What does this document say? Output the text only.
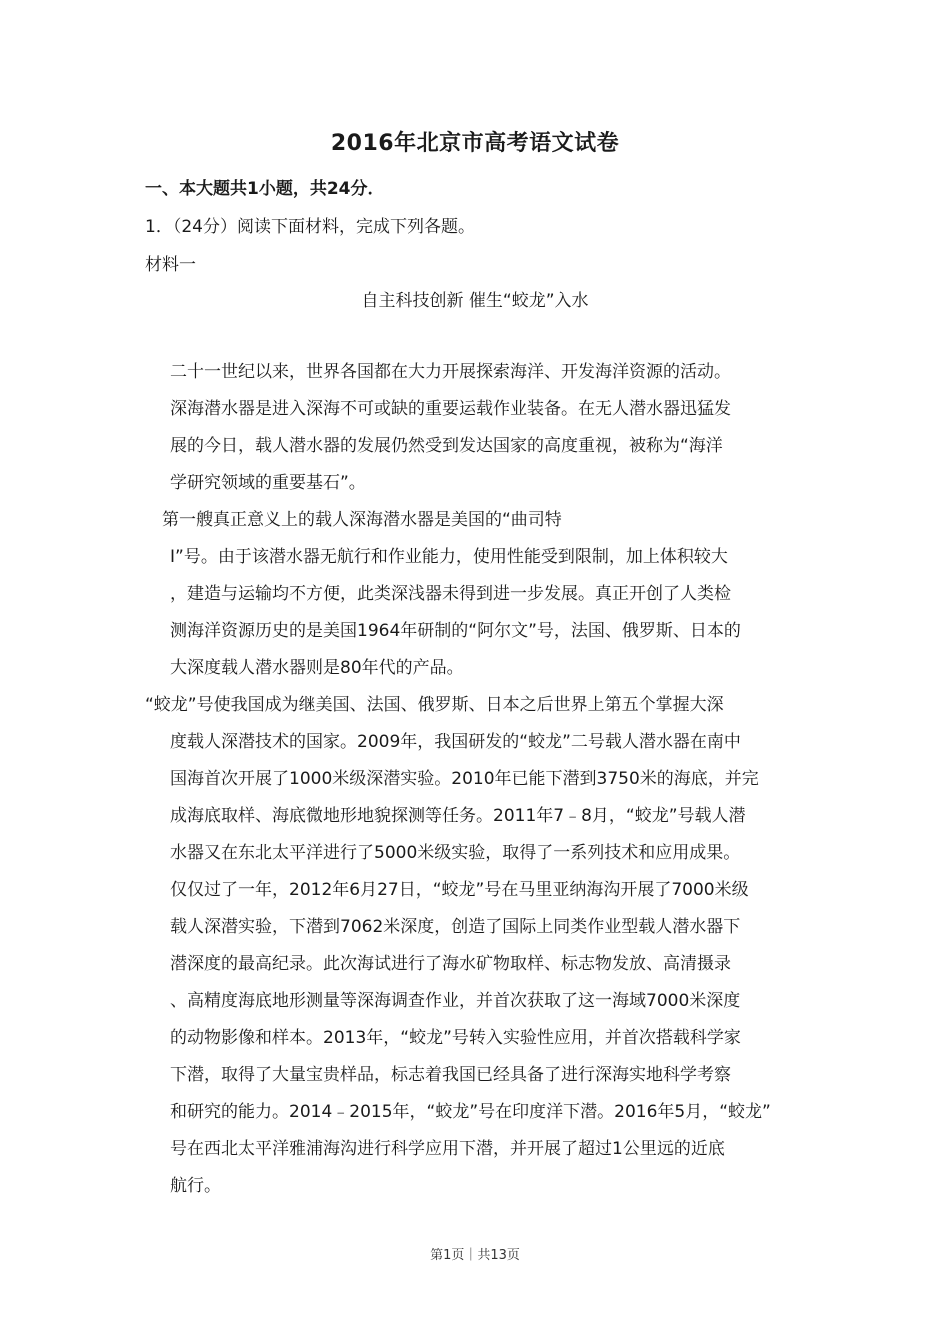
2016年北京市高考语文试卷
一、本大题共1小题，共24分．
1．（24分）阅读下面材料，完成下列各题。
材料一
自主科技创新 催生“蛟龙”入水
二十一世纪以来，世界各国都在大力开展探索海洋、开发海洋资源的活动。
深海潜水器是进入深海不可或缺的重要运载作业装备。在无人潜水器迅猛发
展的今日，载人潜水器的发展仍然受到发达国家的高度重视，被称为“海洋
学研究领域的重要基石”。
第一艘真正意义上的载人深海潜水器是美国的“曲司特
I”号。由于该潜水器无航行和作业能力，使用性能受到限制，加上体积较大
，建造与运输均不方便，此类深浅器未得到进一步发展。真正开创了人类检
测海洋资源历史的是美国1964年研制的“阿尔文”号，法国、俄罗斯、日本的
大深度载人潜水器则是80年代的产品。
“蛟龙”号使我国成为继美国、法国、俄罗斯、日本之后世界上第五个掌握大深
度载人深潜技术的国家。2009年，我国研发的“蛟龙”二号载人潜水器在南中
国海首次开展了1000米级深潜实验。2010年已能下潜到3750米的海底，并完
成海底取样、海底微地形地貌探测等任务。2011年7﹣8月，“蛟龙”号载人潜
水器又在东北太平洋进行了5000米级实验，取得了一系列技术和应用成果。
仅仅过了一年，2012年6月27日，“蛟龙”号在马里亚纳海沟开展了7000米级
载人深潜实验，下潜到7062米深度，创造了国际上同类作业型载人潜水器下
潜深度的最高纪录。此次海试进行了海水矿物取样、标志物发放、高清摄录
、高精度海底地形测量等深海调查作业，并首次获取了这一海域7000米深度
的动物影像和样本。2013年，“蛟龙”号转入实验性应用，并首次搭载科学家
下潜，取得了大量宝贵样品，标志着我国已经具备了进行深海实地科学考察
和研究的能力。2014﹣2015年，“蛟龙”号在印度洋下潜。2016年5月，“蛟龙”
号在西北太平洋雅浦海沟进行科学应用下潜，并开展了超过1公里远的近底
航行。
第1页｜共13页
